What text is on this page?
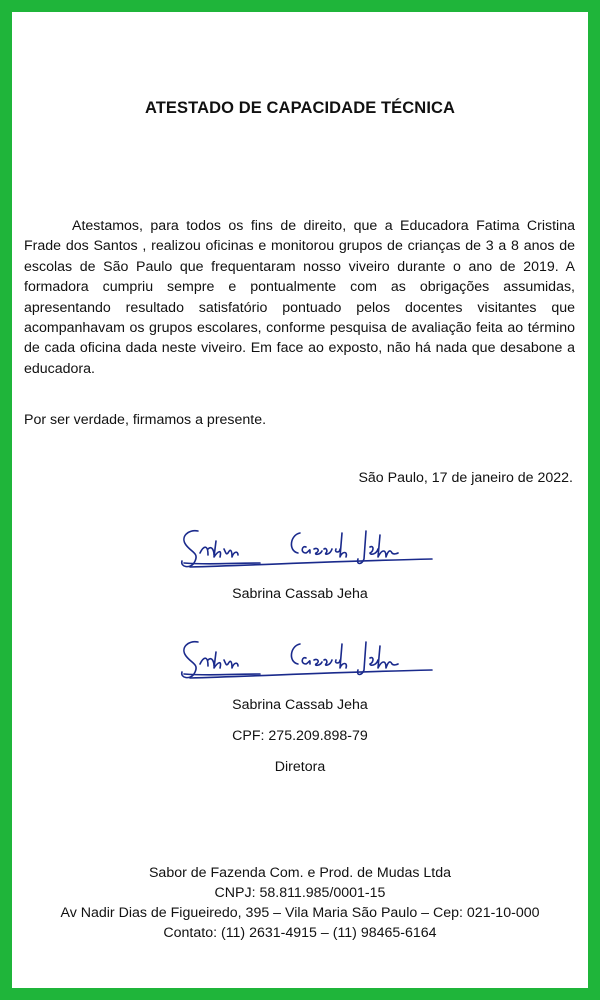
ATESTADO DE CAPACIDADE TÉCNICA

Atestamos, para todos os fins de direito, que a Educadora Fatima Cristina Frade dos Santos , realizou oficinas e monitorou grupos de crianças de 3 a 8 anos de escolas de São Paulo que frequentaram nosso viveiro durante o ano de 2019. A formadora cumpriu sempre e pontualmente com as obrigações assumidas, apresentando resultado satisfatório pontuado pelos docentes visitantes que acompanhavam os grupos escolares, conforme pesquisa de avaliação feita ao término de cada oficina dada neste viveiro. Em face ao exposto, não há nada que desabone a educadora.

Por ser verdade, firmamos a presente.
São Paulo, 17 de janeiro de 2022.
Sabrina Cassab Jeha
Sabrina Cassab Jeha
CPF: 275.209.898-79
Diretora
Sabor de Fazenda Com. e Prod. de Mudas Ltda
CNPJ: 58.811.985/0001-15
Av Nadir Dias de Figueiredo, 395 – Vila Maria São Paulo – Cep: 021-10-000
Contato: (11) 2631-4915 – (11) 98465-6164
